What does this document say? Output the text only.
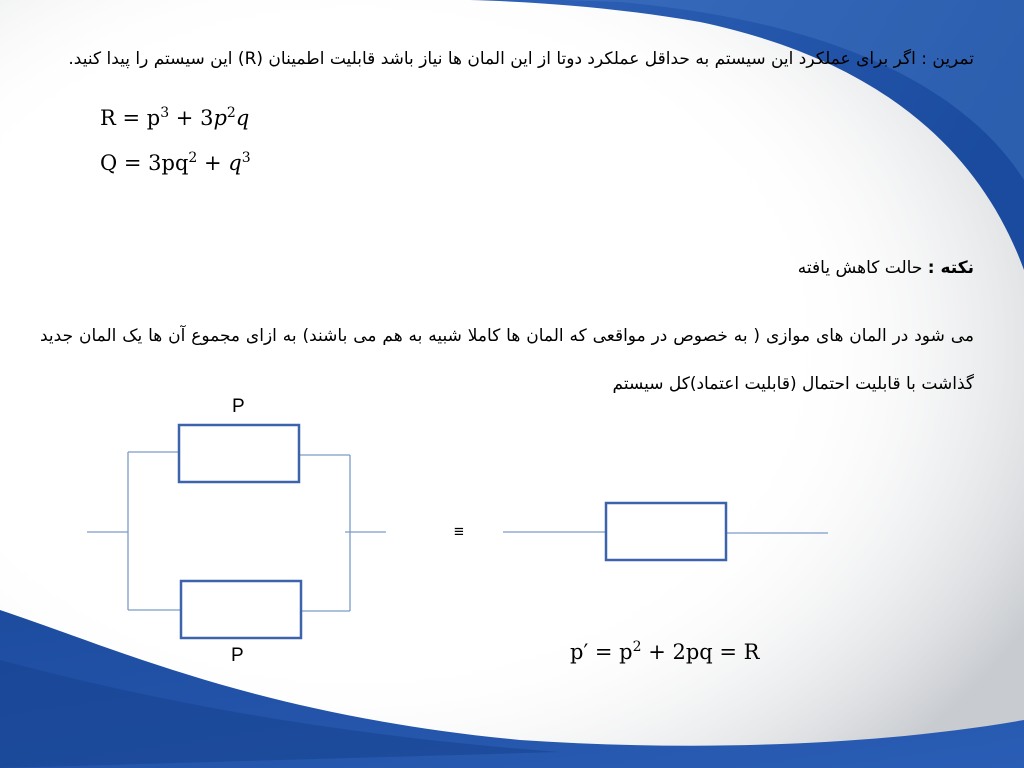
تمرین : اگر برای عملکرد این سیستم به حداقل عملکرد دوتا از این المان ها نیاز باشد قابلیت اطمینان (R) این سیستم را پیدا کنید.
$R = p^3 + 3p^2q$
$Q = 3pq^2 + q^3$
نکته : حالت کاهش یافته
می شود در المان های موازی ( به خصوص در مواقعی که المان ها کاملا شبیه به هم می باشند) به ازای مجموع آن ها یک المان جدید گذاشت با قابلیت احتمال (قابلیت اعتماد)کل سیستم
P
P
≡
$p' = p^2 + 2pq = R$
